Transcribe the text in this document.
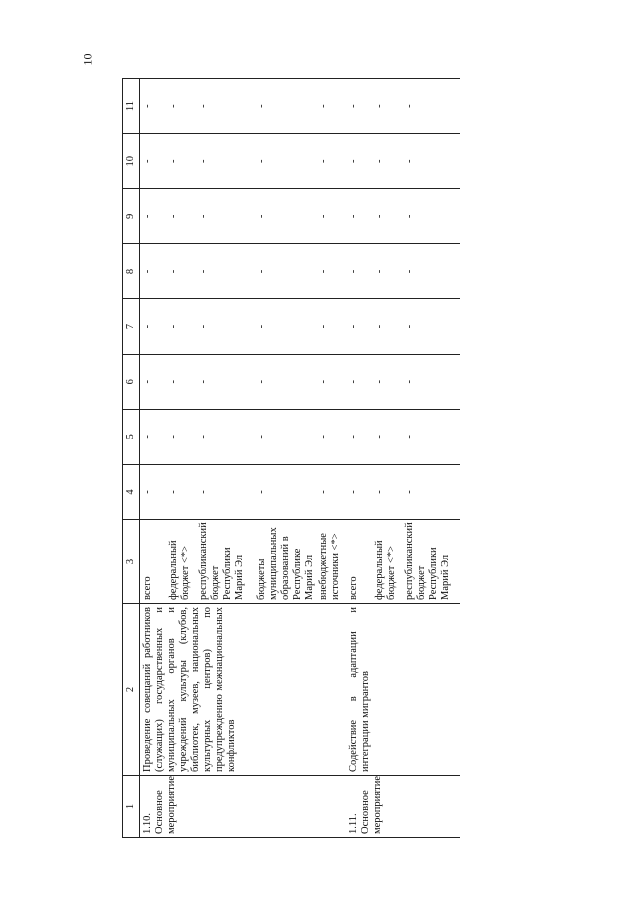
10
1	2	3	4	5	6	7	8	9	10	11
1.10. Основное мероприятие	Проведение совещаний работников (служащих) государственных и муниципальных органов и учреждений культуры (клубов, библиотек, музеев, национальных культурных центров) по предупреждению межнациональных конфликтов	всего	-	-	-	-	-	-	-	-
		федеральный бюджет <*>	-	-	-	-	-	-	-	-
		республиканский бюджет Республики Марий Эл	-	-	-	-	-	-	-	-
		бюджеты муниципальных образований в Республике Марий Эл	-	-	-	-	-	-	-	-
		внебюджетные источники <*>	-	-	-	-	-	-	-	-
1.11. Основное мероприятие	Содействие в адаптации и интеграции мигрантов	всего	-	-	-	-	-	-	-	-
		федеральный бюджет <*>	-	-	-	-	-	-	-	-
		республиканский бюджет Республики Марий Эл	-	-	-	-	-	-	-	-
